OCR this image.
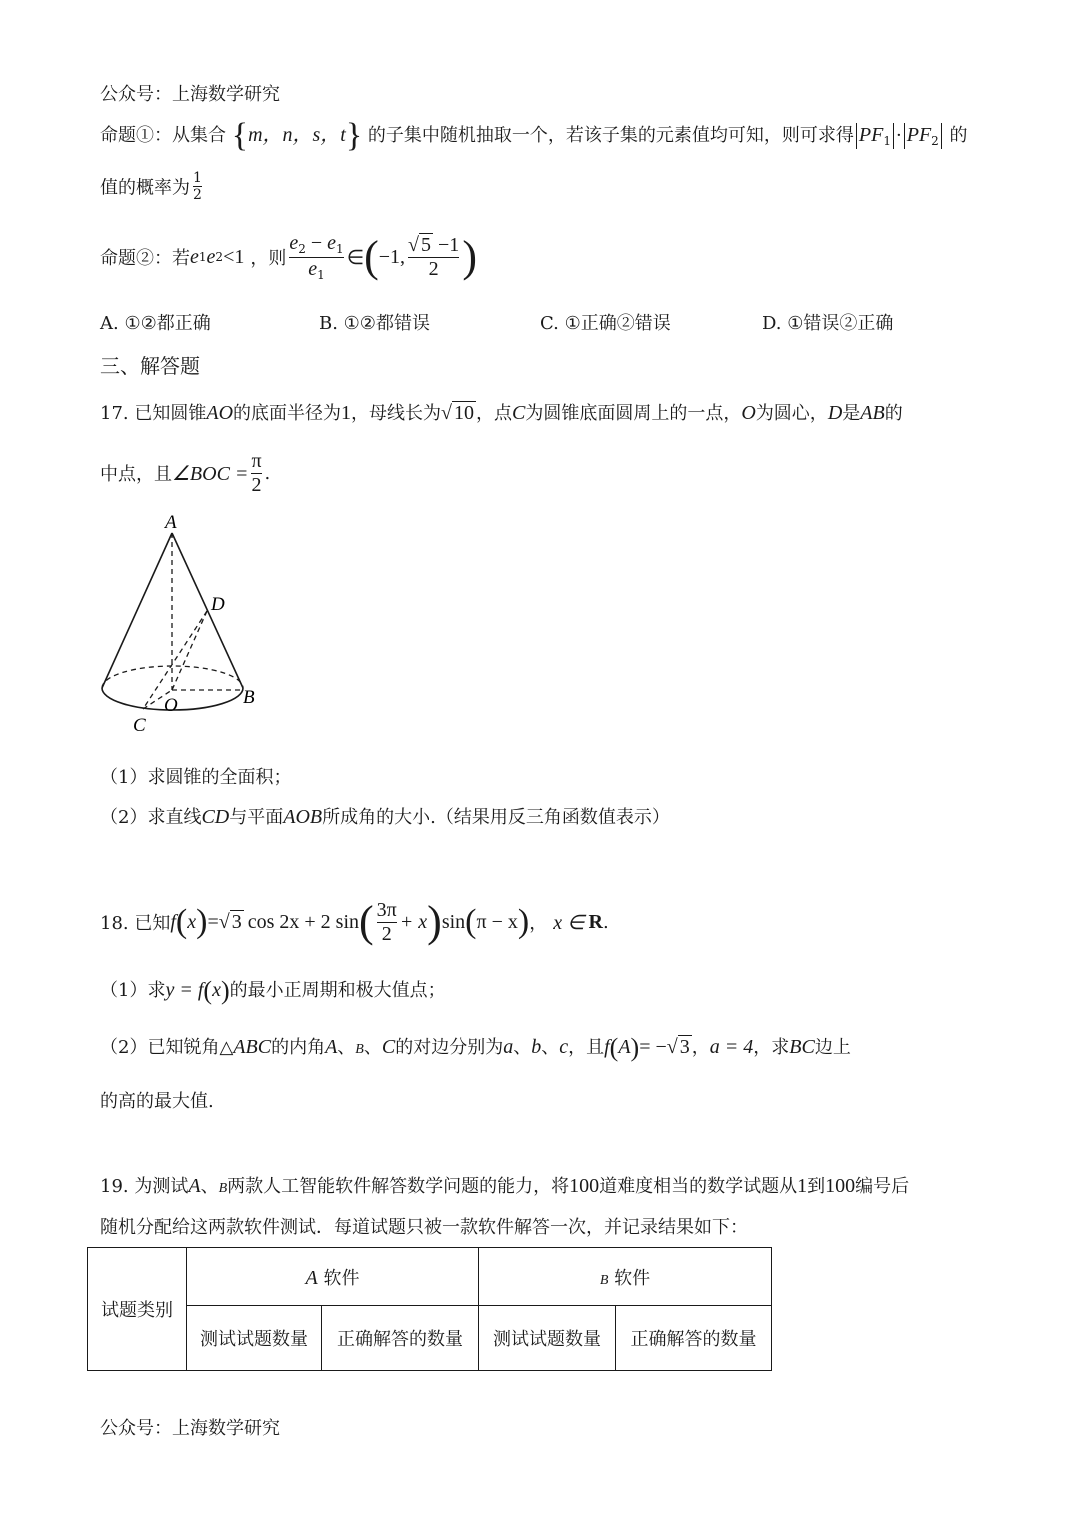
公众号：上海数学研究
命题①：从集合 {m，n，s，t} 的子集中随机抽取一个，若该子集的元素值均可知，则可求得 $PF_1 \cdot PF_2$ 的
值的概率为 $\frac{1}{2}$
命题②：若 e 1 e 2 <1 ，则 $\frac{e_2 - e_1}{e_1}$ ∈ ( −1, $\frac{√ 5 -1}{2}$ )
A. ①②都正确	B. ①②都错误	C. ①正确②错误	D. ①错误②正确
三、解答题
17. 已知圆锥AO的底面半径为1，母线长为√ 10 ，点C为圆锥底面圆周上的一点，O为圆心，D是AB的
中点，且 ∠BOC = $\frac{\pi}{2}$ .
A
D
B
O
C
（1）求圆锥的全面积；
（2）求直线CD与平面AOB所成角的大小.（结果用反三角函数值表示）
18. 已知 f ( x ) = √ 3 cos 2x + 2 sin ( $\frac{3\pi}{2} + x$ ) sin ( π − x ) ， x ∈ R .
（1）求y = f(x)的最小正周期和极大值点；
（2）已知锐角△ABC的内角A、B、C的对边分别为a、b、c，且f(A)= −√ 3 ，a = 4，求BC边上
的高的最大值.
19. 为测试A、B两款人工智能软件解答数学问题的能力，将100道难度相当的数学试题从1到100编号后
随机分配给这两款软件测试．每道试题只被一款软件解答一次，并记录结果如下：
试题类别	A 软件		B 软件	
	测试试题数量	正确解答的数量	测试试题数量	正确解答的数量
公众号：上海数学研究
